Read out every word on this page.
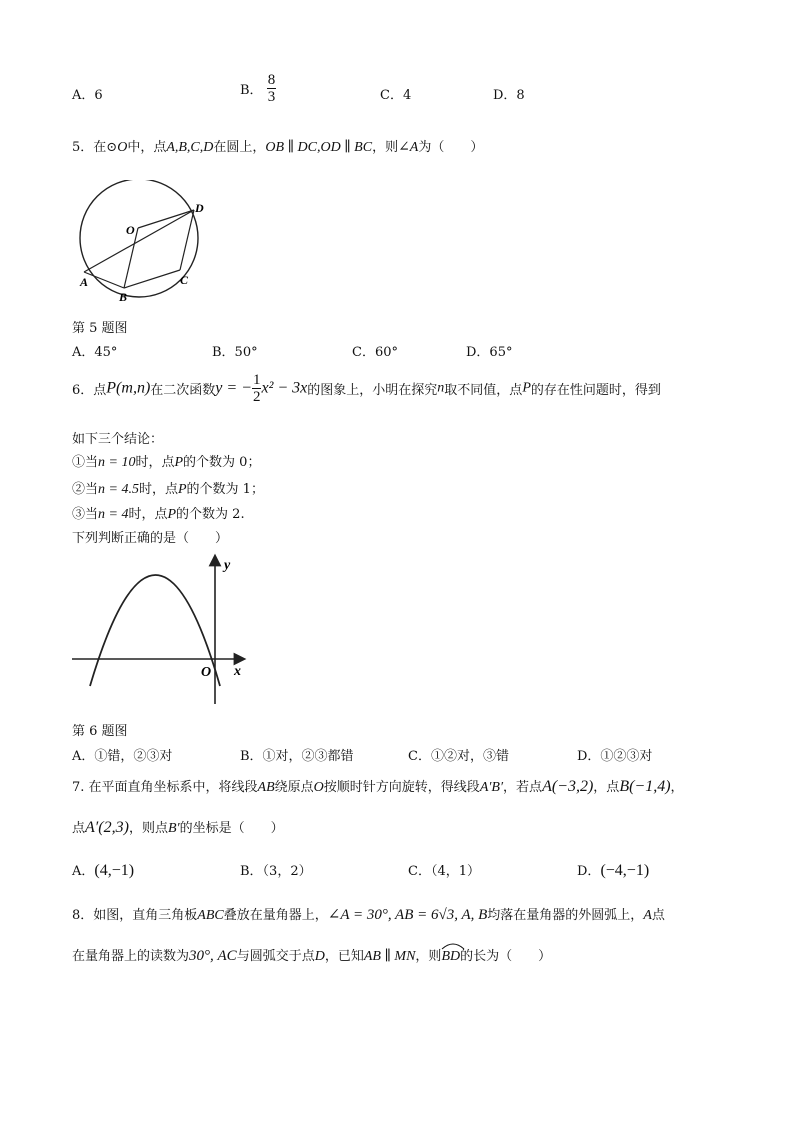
A．6	B． $\frac{8}{3}$	C．4	D．8
5．在⊙O中，点A,B,C,D在圆上，OB ∥ DC,OD ∥ BC，则∠A为（　　）
O
D
A
B
C
第 5 题图
A．45°	B．50°	C．60°	D．65°
6．点P(m,n)在二次函数y = − $\frac{1}{2} x^2 - 3x$的图象上，小明在探究n取不同值，点P的存在性问题时，得到
如下三个结论：
①当n = 10时，点P的个数为 0；
②当n = 4.5时，点P的个数为 1；
③当n = 4时，点P的个数为 2.
下列判断正确的是（　　）
y
x
O
第 6 题图
A．①错，②③对	B．①对，②③都错	C．①②对，③错	D．①②③对
7. 在平面直角坐标系中，将线段AB绕原点O按顺时针方向旋转，得线段A′B′，若点A(−3,2)，点B(−1,4)，
点A′(2,3)，则点B′的坐标是（　　）
A．(4,−1)	B．（3，2）	C．（4，1）	D．(−4,−1)
8．如图，直角三角板ABC叠放在量角器上，∠A = 30°, AB = 6√3, A, B均落在量角器的外圆弧上，A点
在量角器上的读数为30°, AC与圆弧交于点D，已知AB ∥ MN，则BD
的长为（　　）
